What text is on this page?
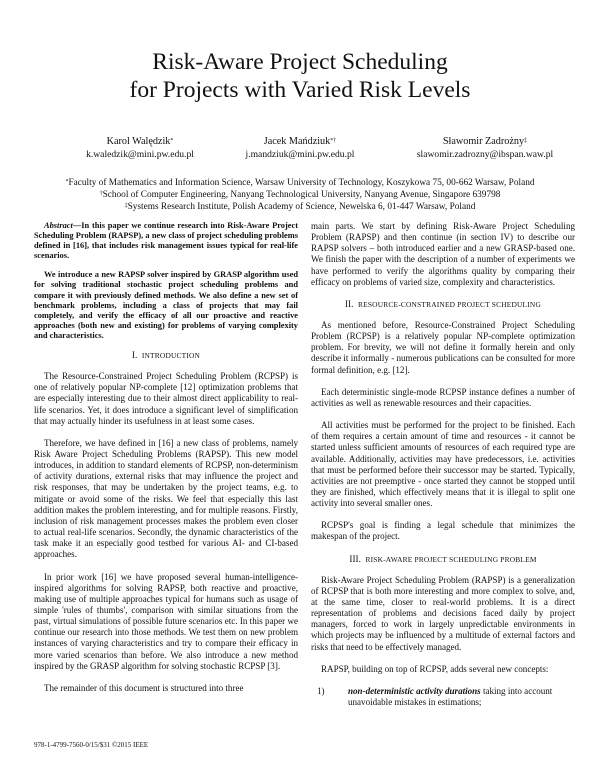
Risk-Aware Project Scheduling
for Projects with Varied Risk Levels
Karol Walędzik*
k.waledzik@mini.pw.edu.pl
Jacek Mańdziuk*†
j.mandziuk@mini.pw.edu.pl
Sławomir Zadrożny‡
slawomir.zadrozny@ibspan.waw.pl
*Faculty of Mathematics and Information Science, Warsaw University of Technology, Koszykowa 75, 00-662 Warsaw, Poland
†School of Computer Engineering, Nanyang Technological University, Nanyang Avenue, Singapore 639798
‡Systems Research Institute, Polish Academy of Science, Newelska 6, 01-447 Warsaw, Poland

Abstract—In this paper we continue research into Risk-Aware Project Scheduling Problem (RAPSP), a new class of project scheduling problems defined in [16], that includes risk management issues typical for real-life scenarios.

We introduce a new RAPSP solver inspired by GRASP algorithm used for solving traditional stochastic project scheduling problems and compare it with previously defined methods. We also define a new set of benchmark problems, including a class of projects that may fail completely, and verify the efficacy of all our proactive and reactive approaches (both new and existing) for problems of varying complexity and characteristics.

I. INTRODUCTION

The Resource-Constrained Project Scheduling Problem (RCPSP) is one of relatively popular NP-complete [12] optimization problems that are especially interesting due to their almost direct applicability to real-life scenarios. Yet, it does introduce a significant level of simplification that may actually hinder its usefulness in at least some cases.

Therefore, we have defined in [16] a new class of problems, namely Risk Aware Project Scheduling Problems (RAPSP). This new model introduces, in addition to standard elements of RCPSP, non-determinism of activity durations, external risks that may influence the project and risk responses, that may be undertaken by the project teams, e.g. to mitigate or avoid some of the risks. We feel that especially this last addition makes the problem interesting, and for multiple reasons. Firstly, inclusion of risk management processes makes the problem even closer to actual real-life scenarios. Secondly, the dynamic characteristics of the task make it an especially good testbed for various AI- and CI-based approaches.

In prior work [16] we have proposed several human-intelligence-inspired algorithms for solving RAPSP, both reactive and proactive, making use of multiple approaches typical for humans such as usage of simple 'rules of thumbs', comparison with similar situations from the past, virtual simulations of possible future scenarios etc. In this paper we continue our research into those methods. We test them on new problem instances of varying characteristics and try to compare their efficacy in more varied scenarios than before. We also introduce a new method inspired by the GRASP algorithm for solving stochastic RCPSP [3].

The remainder of this document is structured into three

main parts. We start by defining Risk-Aware Project Scheduling Problem (RAPSP) and then continue (in section IV) to describe our RAPSP solvers – both introduced earlier and a new GRASP-based one. We finish the paper with the description of a number of experiments we have performed to verify the algorithms quality by comparing their efficacy on problems of varied size, complexity and characteristics.

II. RESOURCE-CONSTRAINED PROJECT SCHEDULING

As mentioned before, Resource-Constrained Project Scheduling Problem (RCPSP) is a relatively popular NP-complete optimization problem. For brevity, we will not define it formally herein and only describe it informally - numerous publications can be consulted for more formal definition, e.g. [12].

Each deterministic single-mode RCPSP instance defines a number of activities as well as renewable resources and their capacities.

All activities must be performed for the project to be finished. Each of them requires a certain amount of time and resources - it cannot be started unless sufficient amounts of resources of each required type are available. Additionally, activities may have predecessors, i.e. activities that must be performed before their successor may be started. Typically, activities are not preemptive - once started they cannot be stopped until they are finished, which effectively means that it is illegal to split one activity into several smaller ones.

RCPSP's goal is finding a legal schedule that minimizes the makespan of the project.

III. RISK-AWARE PROJECT SCHEDULING PROBLEM

Risk-Aware Project Scheduling Problem (RAPSP) is a generalization of RCPSP that is both more interesting and more complex to solve, and, at the same time, closer to real-world problems. It is a direct representation of problems and decisions faced daily by project managers, forced to work in largely unpredictable environments in which projects may be influenced by a multitude of external factors and risks that need to be effectively managed.

RAPSP, building on top of RCPSP, adds several new concepts:

1)	non-deterministic activity durations taking into account unavoidable mistakes in estimations;
978-1-4799-7560-0/15/$31 ©2015 IEEE
